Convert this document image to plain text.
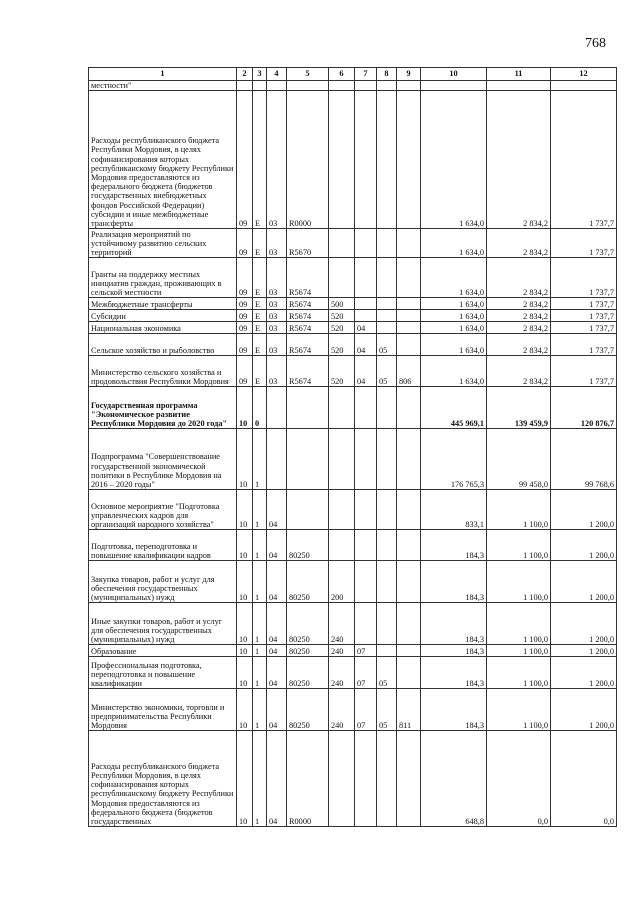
768
1	2	3	4	5	6	7	8	9	10	11	12
местности"											
Расходы республиканского бюджета Республики Мордовия, в целях софинансирования которых республиканскому бюджету Республики Мордовия предоставляются из федерального бюджета (бюджетов государственных внебюджетных фондов Российской Федерации) субсидии и иные межбюджетные трансферты	09	E	03	R0000					1 634,0	2 834,2	1 737,7
Реализация мероприятий по устойчивому развитию сельских территорий	09	E	03	R5670					1 634,0	2 834,2	1 737,7
Гранты на поддержку местных инициатив граждан, проживающих в сельской местности	09	E	03	R5674					1 634,0	2 834,2	1 737,7
Межбюджетные трансферты	09	E	03	R5674	500				1 634,0	2 834,2	1 737,7
Субсидии	09	E	03	R5674	520				1 634,0	2 834,2	1 737,7
Национальная экономика	09	E	03	R5674	520	04			1 634,0	2 834,2	1 737,7
Сельское хозяйство и рыболовство	09	E	03	R5674	520	04	05		1 634,0	2 834,2	1 737,7
Министерство сельского хозяйства и продовольствия Республики Мордовия	09	E	03	R5674	520	04	05	806	1 634,0	2 834,2	1 737,7
Государственная программа "Экономическое развитие Республики Мордовия до 2020 года"	10	0							445 969,1	139 459,9	120 876,7
Подпрограмма "Совершенствование государственной экономической политики в Республике Мордовия на 2016 – 2020 годы"	10	1							176 765,3	99 458,0	99 768,6
Основное мероприятие "Подготовка управленческих кадров для организаций народного хозяйства"	10	1	04						833,1	1 100,0	1 200,0
Подготовка, переподготовка и повышение квалификации кадров	10	1	04	80250					184,3	1 100,0	1 200,0
Закупка товаров, работ и услуг для обеспечения государственных (муниципальных) нужд	10	1	04	80250	200				184,3	1 100,0	1 200,0
Иные закупки товаров, работ и услуг для обеспечения государственных (муниципальных) нужд	10	1	04	80250	240				184,3	1 100,0	1 200,0
Образование	10	1	04	80250	240	07			184,3	1 100,0	1 200,0
Профессиональная подготовка, переподготовка и повышение квалификации	10	1	04	80250	240	07	05		184,3	1 100,0	1 200,0
Министерство экономики, торговли и предпринимательства Республики Мордовия	10	1	04	80250	240	07	05	811	184,3	1 100,0	1 200,0
Расходы республиканского бюджета Республики Мордовия, в целях софинансирования которых республиканскому бюджету Республики Мордовия предоставляются из федерального бюджета (бюджетов государственных	10	1	04	R0000					648,8	0,0	0,0
